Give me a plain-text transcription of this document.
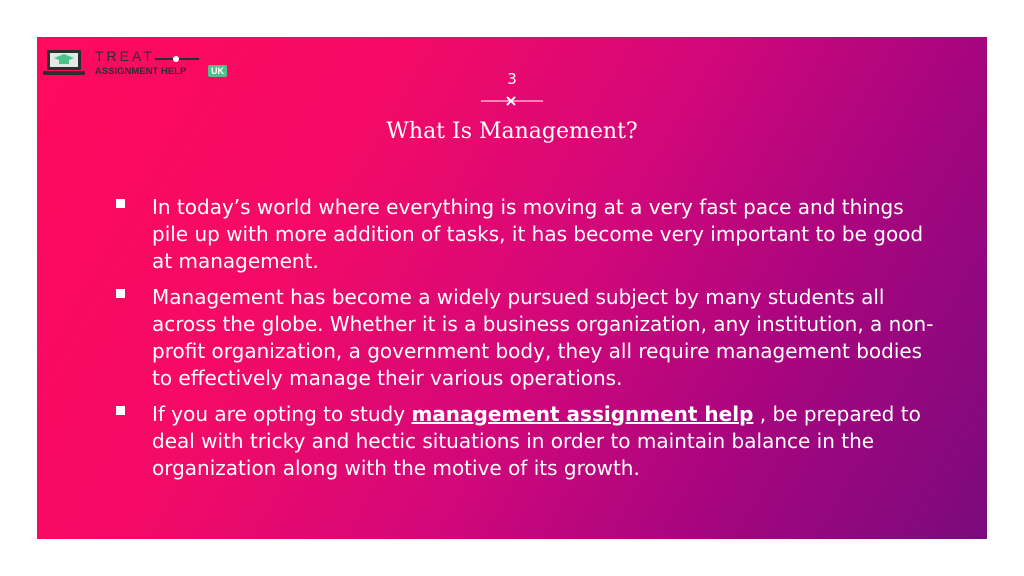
TREAT
ASSIGNMENT HELP	UK	3
What Is Management?
In today’s world where everything is moving at a very fast pace and things pile up with more addition of tasks, it has become very important to be good at management.
Management has become a widely pursued subject by many students all across the globe. Whether it is a business organization, any institution, a non-profit organization, a government body, they all require management bodies to effectively manage their various operations.
If you are opting to study management assignment help , be prepared to deal with tricky and hectic situations in order to maintain balance in the organization along with the motive of its growth.
